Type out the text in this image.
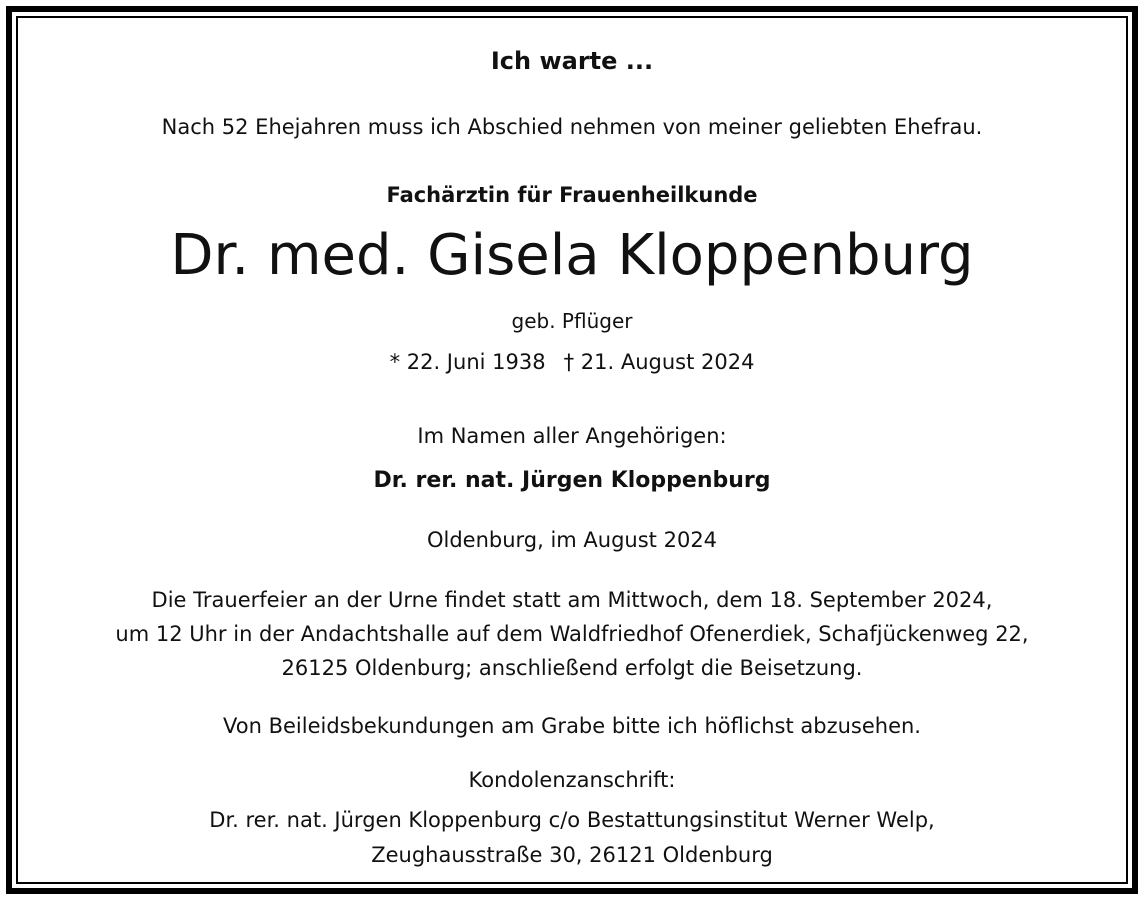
Ich warte ...
Nach 52 Ehejahren muss ich Abschied nehmen von meiner geliebten Ehefrau.
Fachärztin für Frauenheilkunde
Dr. med. Gisela Kloppenburg
geb. Pflüger
* 22. Juni 1938 † 21. August 2024
Im Namen aller Angehörigen:
Dr. rer. nat. Jürgen Kloppenburg
Oldenburg, im August 2024
Die Trauerfeier an der Urne findet statt am Mittwoch, dem 18. September 2024,
um 12 Uhr in der Andachtshalle auf dem Waldfriedhof Ofenerdiek, Schafjückenweg 22,
26125 Oldenburg; anschließend erfolgt die Beisetzung.
Von Beileidsbekundungen am Grabe bitte ich höflichst abzusehen.
Kondolenzanschrift:
Dr. rer. nat. Jürgen Kloppenburg c/o Bestattungsinstitut Werner Welp,
Zeughausstraße 30, 26121 Oldenburg
